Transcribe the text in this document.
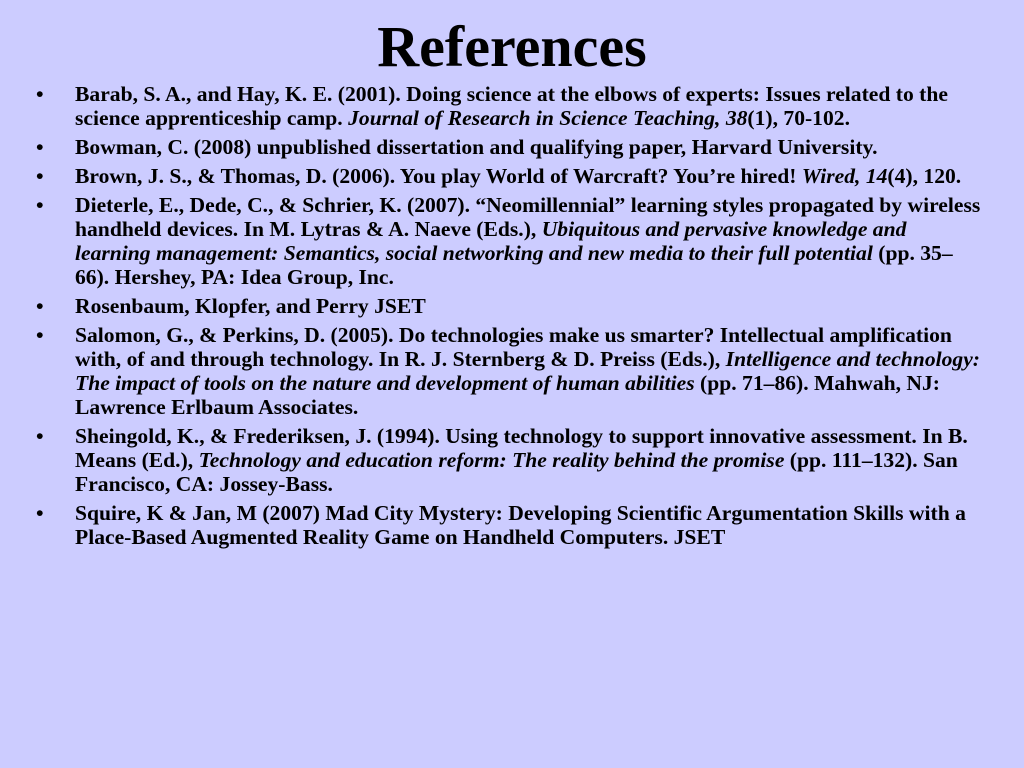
References
•	Barab, S. A., and Hay, K. E. (2001). Doing science at the elbows of experts: Issues related to the science apprenticeship camp. Journal of Research in Science Teaching, 38(1), 70-102.
•	Bowman, C. (2008) unpublished dissertation and qualifying paper, Harvard University.
•	Brown, J. S., & Thomas, D. (2006). You play World of Warcraft? You’re hired! Wired, 14(4), 120.
•	Dieterle, E., Dede, C., & Schrier, K. (2007). “Neomillennial” learning styles propagated by wireless handheld devices. In M. Lytras & A. Naeve (Eds.), Ubiquitous and pervasive knowledge and learning management: Semantics, social networking and new media to their full potential (pp. 35–66). Hershey, PA: Idea Group, Inc.
•	Rosenbaum, Klopfer, and Perry JSET
•	Salomon, G., & Perkins, D. (2005). Do technologies make us smarter? Intellectual amplification with, of and through technology. In R. J. Sternberg & D. Preiss (Eds.), Intelligence and technology: The impact of tools on the nature and development of human abilities (pp. 71–86). Mahwah, NJ: Lawrence Erlbaum Associates.
•	Sheingold, K., & Frederiksen, J. (1994). Using technology to support innovative assessment. In B. Means (Ed.), Technology and education reform: The reality behind the promise (pp. 111–132). San Francisco, CA: Jossey-Bass.
•	Squire, K & Jan, M (2007) Mad City Mystery: Developing Scientific Argumentation Skills with a Place-Based Augmented Reality Game on Handheld Computers. JSET
